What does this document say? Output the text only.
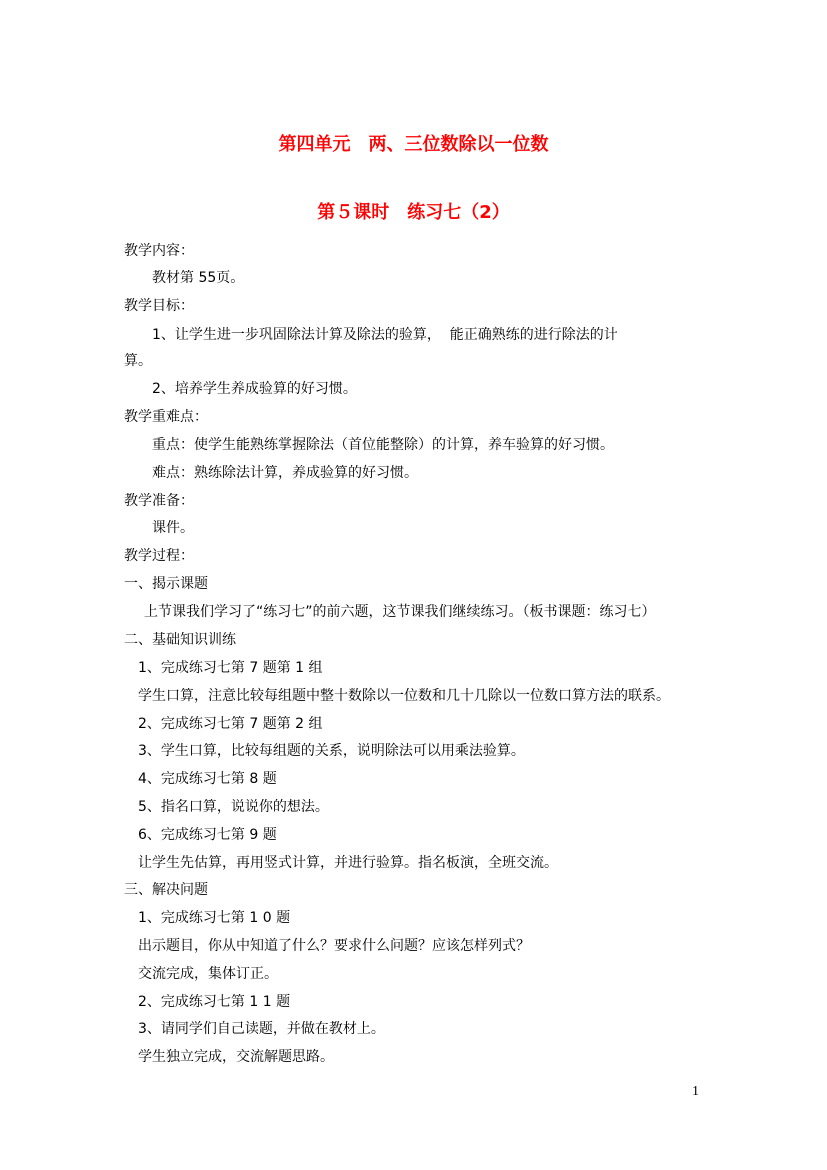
第四单元　两、三位数除以一位数
第５课时　练习七（2）
教学内容：
教材第 55页。
教学目标：
1、让学生进一步巩固除法计算及除法的验算，  能正确熟练的进行除法的计
算。
2、培养学生养成验算的好习惯。
教学重难点：
重点：使学生能熟练掌握除法（首位能整除）的计算，养车验算的好习惯。
难点：熟练除法计算，养成验算的好习惯。
教学准备：
课件。
教学过程：
一、揭示课题
上节课我们学习了“练习七”的前六题，这节课我们继续练习。（板书课题：练习七）
二、基础知识训练
1、完成练习七第 7 题第 1 组
学生口算，注意比较每组题中整十数除以一位数和几十几除以一位数口算方法的联系。
2、完成练习七第 7 题第 2 组
3、学生口算，比较每组题的关系，说明除法可以用乘法验算。
4、完成练习七第 8 题
5、指名口算，说说你的想法。
6、完成练习七第 9 题
让学生先估算，再用竖式计算，并进行验算。指名板演，全班交流。
三、解决问题
1、完成练习七第 1 0 题
出示题目，你从中知道了什么？要求什么问题？应该怎样列式？
交流完成，集体订正。
2、完成练习七第 1 1 题
3、请同学们自己读题，并做在教材上。
学生独立完成，交流解题思路。
1
